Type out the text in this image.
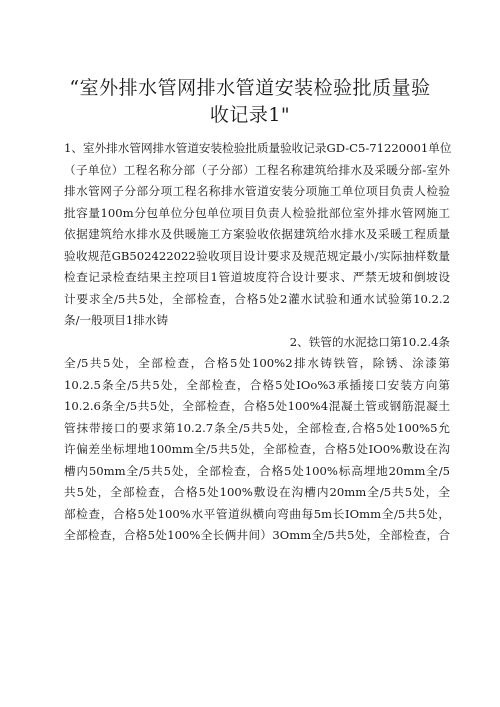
“室外排水管网排水管道安装检验批质量验
收记录1"
1、室外排水管网排水管道安装检验批质量验收记录GD-C5-71220001单位
（子单位）工程名称分部（子分部）工程名称建筑给排水及采暖分部-室外
排水管网子分部分项工程名称排水管道安装分项施工单位项目负责人检验
批容量100m分包单位分包单位项目负责人检验批部位室外排水管网施工
依据建筑给水排水及供暖施工方案验收依据建筑给水排水及采暖工程质量
验收规范GB502422022验收项目设计要求及规范规定最小/实际抽样数量
检查记录检查结果主控项目1管道坡度符合设计要求、严禁无坡和倒坡设
计要求全/5共5处，全部检查，合格5处2灌水试验和通水试验第10.2.2
条/一般项目1排水铸
2、铁管的水泥捻口第10.2.4条
全/5共5处，全部检查，合格5处100%2排水铸铁管，除锈、涂漆第
10.2.5条全/5共5处，全部检查，合格5处IOo%3承插接口安装方向第
10.2.6条全/5共5处，全部检查，合格5处100%4混凝土管或钢筋混凝土
管抹带接口的要求第10.2.7条全/5共5处，全部检查,合格5处100%5允
许偏差坐标埋地100mm全/5共5处，全部检查，合格5处IO0%敷设在沟
槽内50mm全/5共5处，全部检查，合格5处100%标高埋地20mm全/5
共5处，全部检查，合格5处100%敷设在沟槽内20mm全/5共5处，全
部检查，合格5处100%水平管道纵横向弯曲每5m长IOmm全/5共5处，
全部检查，合格5处100%全长俩井间）3Omm全/5共5处，全部检查，合
